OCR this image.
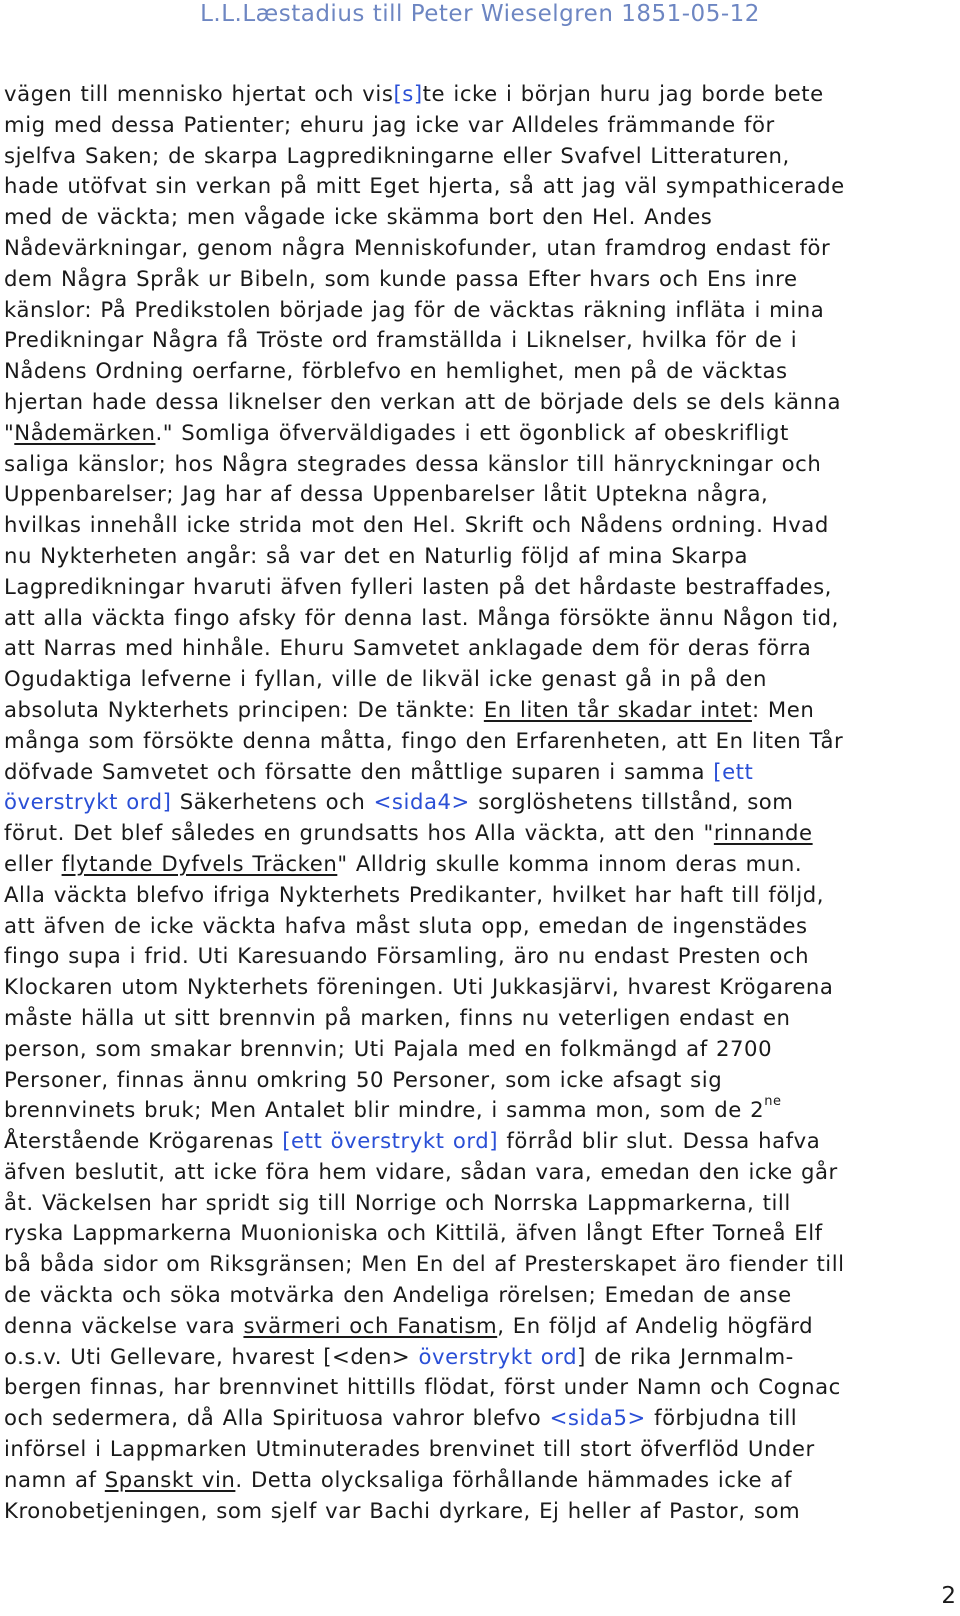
L.L.Læstadius till Peter Wieselgren 1851-05-12
vägen till mennisko hjertat och vis[s]te icke i början huru jag borde bete
mig med dessa Patienter; ehuru jag icke var Alldeles främmande för
sjelfva Saken; de skarpa Lagpredikningarne eller Svafvel Litteraturen,
hade utöfvat sin verkan på mitt Eget hjerta, så att jag väl sympathicerade
med de väckta; men vågade icke skämma bort den Hel. Andes
Nådevärkningar, genom några Menniskofunder, utan framdrog endast för
dem Några Språk ur Bibeln, som kunde passa Efter hvars och Ens inre
känslor: På Predikstolen började jag för de väcktas räkning infläta i mina
Predikningar Några få Tröste ord framställda i Liknelser, hvilka för de i
Nådens Ordning oerfarne, förblefvo en hemlighet, men på de väcktas
hjertan hade dessa liknelser den verkan att de började dels se dels känna
"Nådemärken." Somliga öfverväldigades i ett ögonblick af obeskrifligt
saliga känslor; hos Några stegrades dessa känslor till hänryckningar och
Uppenbarelser; Jag har af dessa Uppenbarelser låtit Uptekna några,
hvilkas innehåll icke strida mot den Hel. Skrift och Nådens ordning. Hvad
nu Nykterheten angår: så var det en Naturlig följd af mina Skarpa
Lagpredikningar hvaruti äfven fylleri lasten på det hårdaste bestraffades,
att alla väckta fingo afsky för denna last. Många försökte ännu Någon tid,
att Narras med hinhåle. Ehuru Samvetet anklagade dem för deras förra
Ogudaktiga lefverne i fyllan, ville de likväl icke genast gå in på den
absoluta Nykterhets principen: De tänkte: En liten tår skadar intet: Men
många som försökte denna måtta, fingo den Erfarenheten, att En liten Tår
döfvade Samvetet och försatte den måttlige suparen i samma [ett
överstrykt ord] Säkerhetens och <sida4> sorglöshetens tillstånd, som
förut. Det blef således en grundsatts hos Alla väckta, att den "rinnande
eller flytande Dyfvels Träcken" Alldrig skulle komma innom deras mun.
Alla väckta blefvo ifriga Nykterhets Predikanter, hvilket har haft till följd,
att äfven de icke väckta hafva måst sluta opp, emedan de ingenstädes
fingo supa i frid. Uti Karesuando Församling, äro nu endast Presten och
Klockaren utom Nykterhets föreningen. Uti Jukkasjärvi, hvarest Krögarena
måste hälla ut sitt brennvin på marken, finns nu veterligen endast en
person, som smakar brennvin; Uti Pajala med en folkmängd af 2700
Personer, finnas ännu omkring 50 Personer, som icke afsagt sig
brennvinets bruk; Men Antalet blir mindre, i samma mon, som de $2^{ne}$
Återstående Krögarenas [ett överstrykt ord] förråd blir slut. Dessa hafva
äfven beslutit, att icke föra hem vidare, sådan vara, emedan den icke går
åt. Väckelsen har spridt sig till Norrige och Norrska Lappmarkerna, till
ryska Lappmarkerna Muonioniska och Kittilä, äfven långt Efter Torneå Elf
bå båda sidor om Riksgränsen; Men En del af Presterskapet äro fiender till
de väckta och söka motvärka den Andeliga rörelsen; Emedan de anse
denna väckelse vara svärmeri och Fanatism, En följd af Andelig högfärd
o.s.v. Uti Gellevare, hvarest [<den> överstrykt ord] de rika Jernmalm-
bergen finnas, har brennvinet hittills flödat, först under Namn och Cognac
och sedermera, då Alla Spirituosa vahror blefvo <sida5> förbjudna till
införsel i Lappmarken Utminuterades brenvinet till stort öfverflöd Under
namn af Spanskt vin. Detta olycksaliga förhållande hämmades icke af
Kronobetjeningen, som sjelf var Bachi dyrkare, Ej heller af Pastor, som
2
